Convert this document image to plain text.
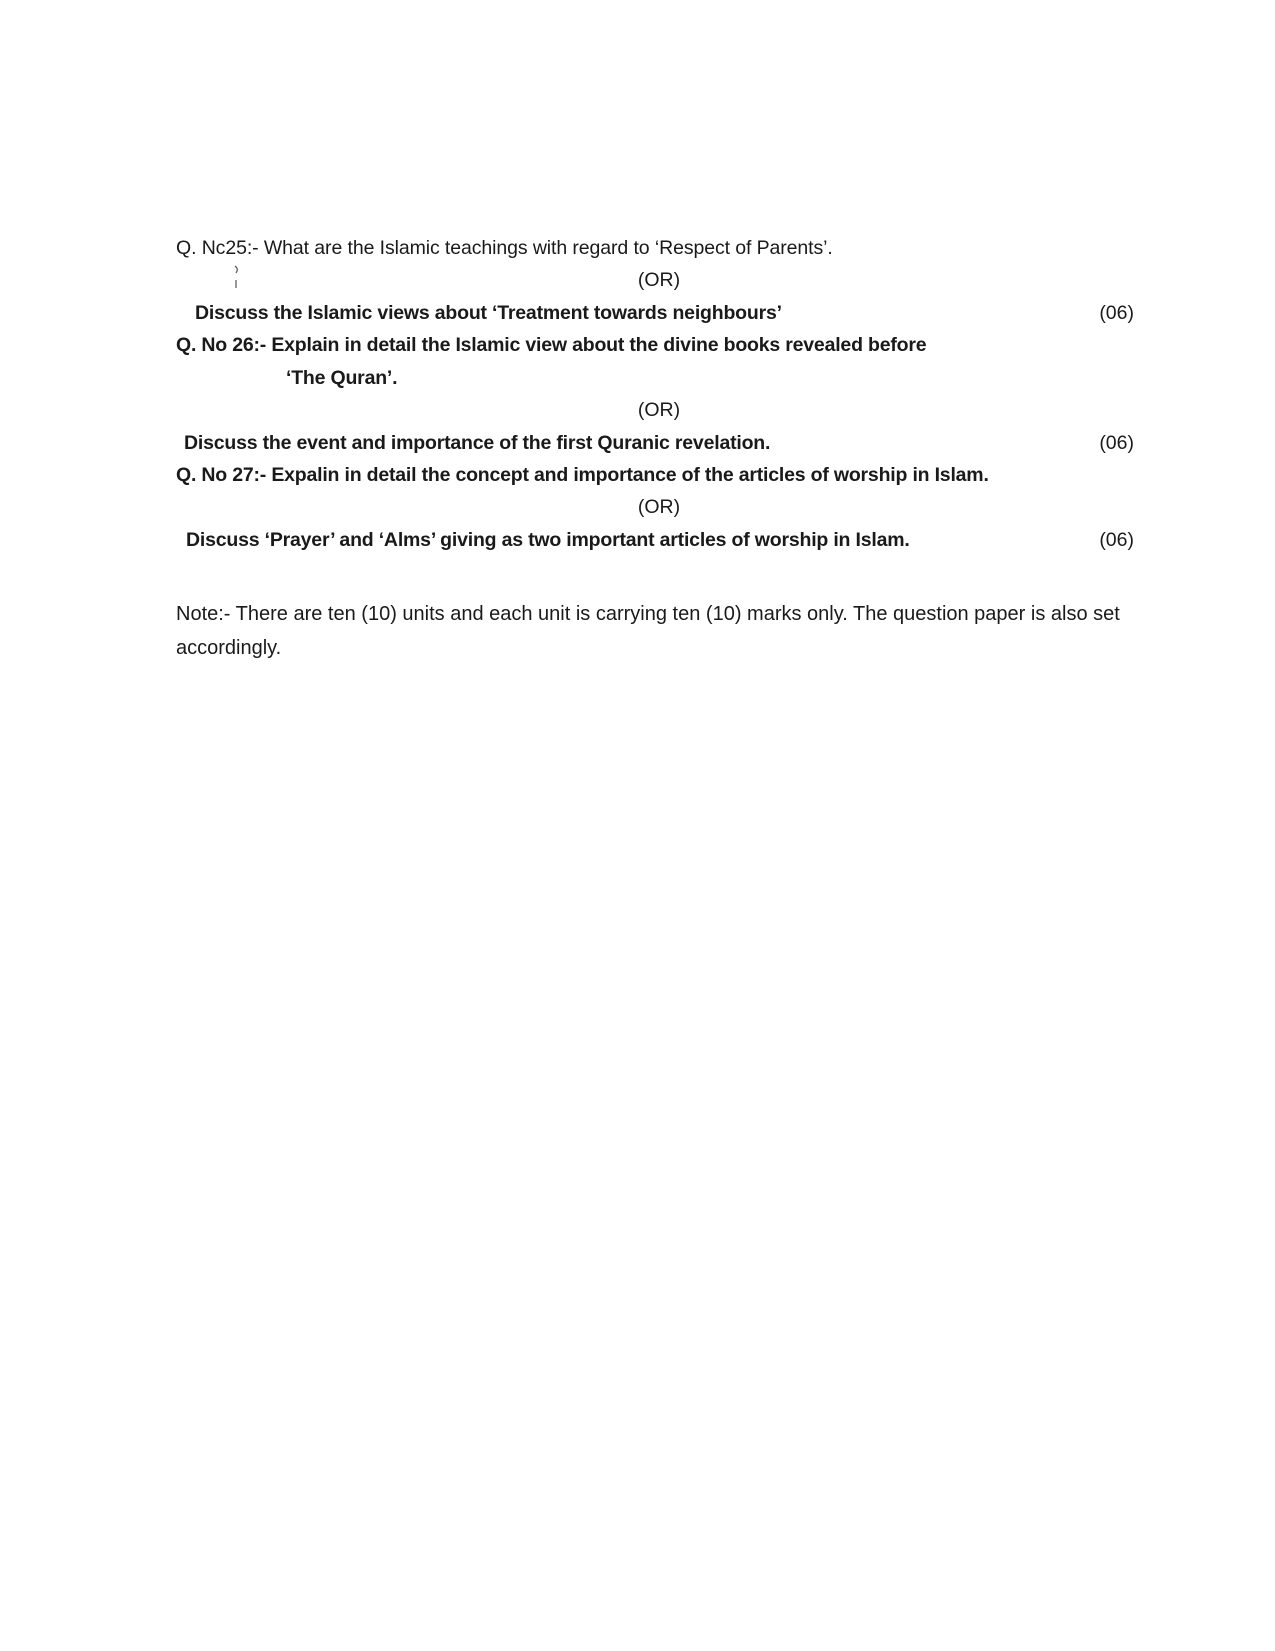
Q. Nc25:- What are the Islamic teachings with regard to ‘Respect of Parents’.
(OR)
Discuss the Islamic views about ‘Treatment towards neighbours’	(06)
Q. No 26:- Explain in detail the Islamic view about the divine books revealed before
‘The Quran’.
(OR)
Discuss the event and importance of the first Quranic revelation.	(06)
Q. No 27:- Expalin in detail the concept and importance of the articles of worship in Islam.
(OR)
Discuss ‘Prayer’ and ‘Alms’ giving as two important articles of worship in Islam.	(06)
Note:- There are ten (10) units and each unit is carrying ten (10) marks only. The question paper is also set accordingly.
